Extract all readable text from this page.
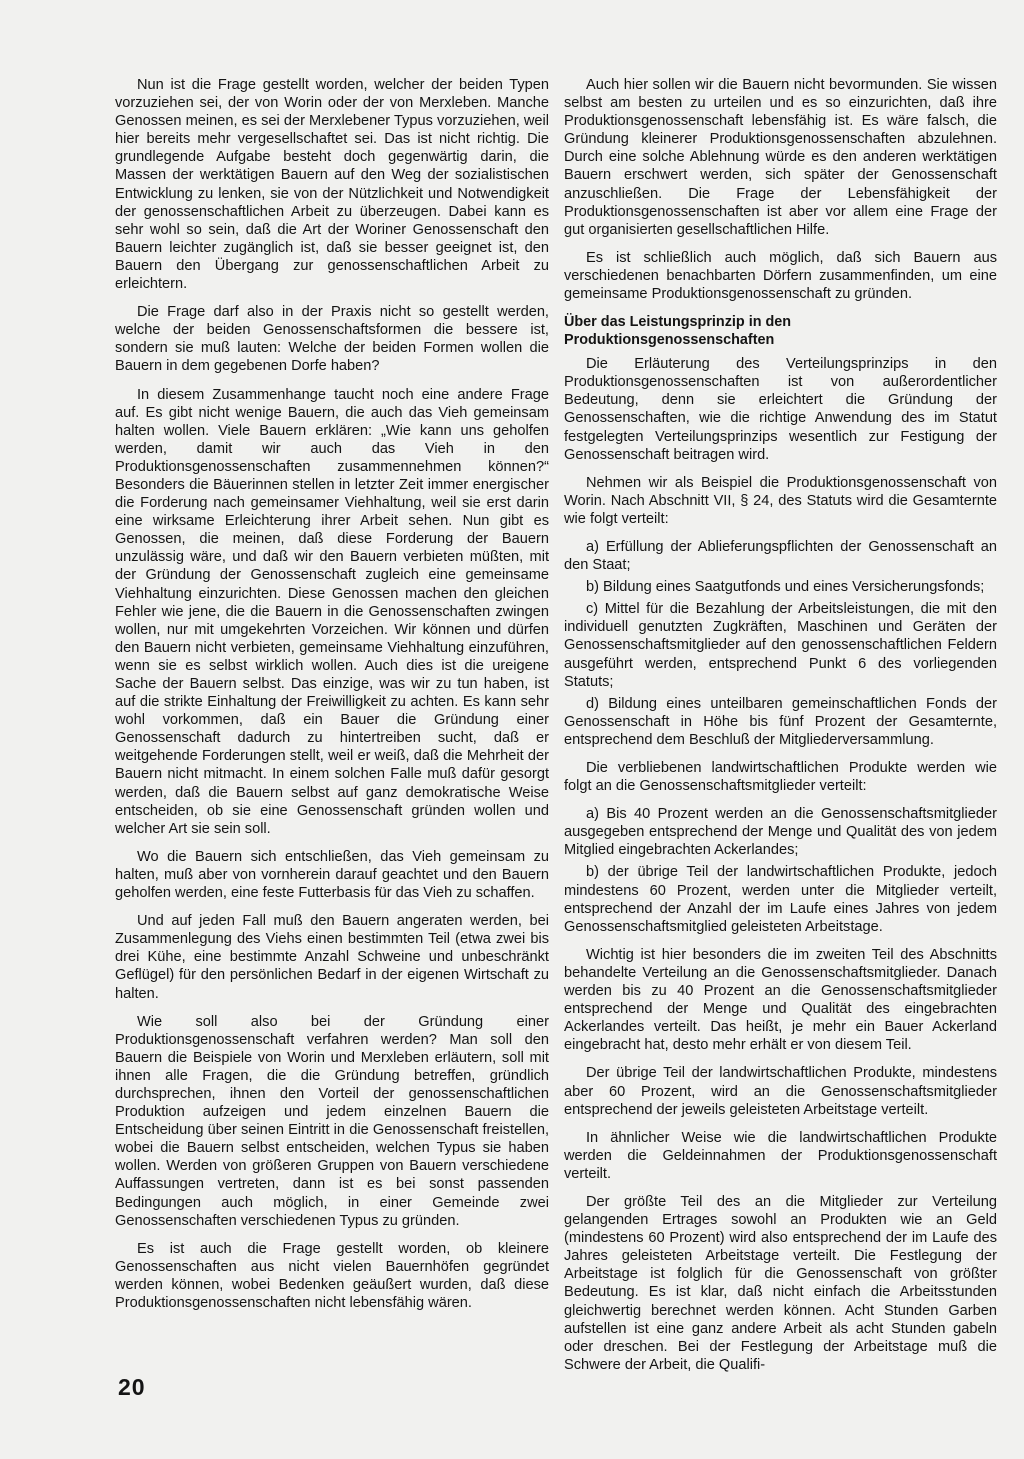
Nun ist die Frage gestellt worden, welcher der beiden Typen vorzuziehen sei, der von Worin oder der von Merxleben. Manche Genossen meinen, es sei der Merxlebener Typus vorzuziehen, weil hier bereits mehr vergesellschaftet sei. Das ist nicht richtig. Die grundlegende Aufgabe besteht doch gegenwärtig darin, die Massen der werktätigen Bauern auf den Weg der sozialistischen Entwicklung zu lenken, sie von der Nützlichkeit und Notwendigkeit der genossenschaftlichen Arbeit zu überzeugen. Dabei kann es sehr wohl so sein, daß die Art der Woriner Genossenschaft den Bauern leichter zugänglich ist, daß sie besser geeignet ist, den Bauern den Übergang zur genossenschaftlichen Arbeit zu erleichtern.

Die Frage darf also in der Praxis nicht so gestellt werden, welche der beiden Genossenschaftsformen die bessere ist, sondern sie muß lauten: Welche der beiden Formen wollen die Bauern in dem gegebenen Dorfe haben?

In diesem Zusammenhange taucht noch eine andere Frage auf. Es gibt nicht wenige Bauern, die auch das Vieh gemeinsam halten wollen. Viele Bauern erklären: „Wie kann uns geholfen werden, damit wir auch das Vieh in den Produktionsgenossenschaften zusammennehmen können?“ Besonders die Bäuerinnen stellen in letzter Zeit immer energischer die Forderung nach gemeinsamer Viehhaltung, weil sie erst darin eine wirksame Erleichterung ihrer Arbeit sehen. Nun gibt es Genossen, die meinen, daß diese Forderung der Bauern unzulässig wäre, und daß wir den Bauern verbieten müßten, mit der Gründung der Genossenschaft zugleich eine gemeinsame Viehhaltung einzurichten. Diese Genossen machen den gleichen Fehler wie jene, die die Bauern in die Genossenschaften zwingen wollen, nur mit umgekehrten Vorzeichen. Wir können und dürfen den Bauern nicht verbieten, gemeinsame Viehhaltung einzuführen, wenn sie es selbst wirklich wollen. Auch dies ist die ureigene Sache der Bauern selbst. Das einzige, was wir zu tun haben, ist auf die strikte Einhaltung der Freiwilligkeit zu achten. Es kann sehr wohl vorkommen, daß ein Bauer die Gründung einer Genossenschaft dadurch zu hintertreiben sucht, daß er weitgehende Forderungen stellt, weil er weiß, daß die Mehrheit der Bauern nicht mitmacht. In einem solchen Falle muß dafür gesorgt werden, daß die Bauern selbst auf ganz demokratische Weise entscheiden, ob sie eine Genossenschaft gründen wollen und welcher Art sie sein soll.

Wo die Bauern sich entschließen, das Vieh gemeinsam zu halten, muß aber von vornherein darauf geachtet und den Bauern geholfen werden, eine feste Futterbasis für das Vieh zu schaffen.

Und auf jeden Fall muß den Bauern angeraten werden, bei Zusammenlegung des Viehs einen bestimmten Teil (etwa zwei bis drei Kühe, eine bestimmte Anzahl Schweine und unbeschränkt Geflügel) für den persönlichen Bedarf in der eigenen Wirtschaft zu halten.

Wie soll also bei der Gründung einer Produktionsgenossenschaft verfahren werden? Man soll den Bauern die Beispiele von Worin und Merxleben erläutern, soll mit ihnen alle Fragen, die die Gründung betreffen, gründlich durchsprechen, ihnen den Vorteil der genossenschaftlichen Produktion aufzeigen und jedem einzelnen Bauern die Entscheidung über seinen Eintritt in die Genossenschaft freistellen, wobei die Bauern selbst entscheiden, welchen Typus sie haben wollen. Werden von größeren Gruppen von Bauern verschiedene Auffassungen vertreten, dann ist es bei sonst passenden Bedingungen auch möglich, in einer Gemeinde zwei Genossenschaften verschiedenen Typus zu gründen.

Es ist auch die Frage gestellt worden, ob kleinere Genossenschaften aus nicht vielen Bauernhöfen gegründet werden können, wobei Bedenken geäußert wurden, daß diese Produktionsgenossenschaften nicht lebensfähig wären.

Auch hier sollen wir die Bauern nicht bevormunden. Sie wissen selbst am besten zu urteilen und es so einzurichten, daß ihre Produktionsgenossenschaft lebensfähig ist. Es wäre falsch, die Gründung kleinerer Produktionsgenossenschaften abzulehnen. Durch eine solche Ablehnung würde es den anderen werktätigen Bauern erschwert werden, sich später der Genossenschaft anzuschließen. Die Frage der Lebensfähigkeit der Produktionsgenossenschaften ist aber vor allem eine Frage der gut organisierten gesellschaftlichen Hilfe.

Es ist schließlich auch möglich, daß sich Bauern aus verschiedenen benachbarten Dörfern zusammenfinden, um eine gemeinsame Produktionsgenossenschaft zu gründen.

Über das Leistungsprinzip in den Produktionsgenossenschaften

Die Erläuterung des Verteilungsprinzips in den Produktionsgenossenschaften ist von außerordentlicher Bedeutung, denn sie erleichtert die Gründung der Genossenschaften, wie die richtige Anwendung des im Statut festgelegten Verteilungsprinzips wesentlich zur Festigung der Genossenschaft beitragen wird.

Nehmen wir als Beispiel die Produktionsgenossenschaft von Worin. Nach Abschnitt VII, § 24, des Statuts wird die Gesamternte wie folgt verteilt:

a) Erfüllung der Ablieferungspflichten der Genossenschaft an den Staat;

b) Bildung eines Saatgutfonds und eines Versicherungsfonds;

c) Mittel für die Bezahlung der Arbeitsleistungen, die mit den individuell genutzten Zugkräften, Maschinen und Geräten der Genossenschaftsmitglieder auf den genossenschaftlichen Feldern ausgeführt werden, entsprechend Punkt 6 des vorliegenden Statuts;

d) Bildung eines unteilbaren gemeinschaftlichen Fonds der Genossenschaft in Höhe bis fünf Prozent der Gesamternte, entsprechend dem Beschluß der Mitgliederversammlung.

Die verbliebenen landwirtschaftlichen Produkte werden wie folgt an die Genossenschaftsmitglieder verteilt:

a) Bis 40 Prozent werden an die Genossenschaftsmitglieder ausgegeben entsprechend der Menge und Qualität des von jedem Mitglied eingebrachten Ackerlandes;

b) der übrige Teil der landwirtschaftlichen Produkte, jedoch mindestens 60 Prozent, werden unter die Mitglieder verteilt, entsprechend der Anzahl der im Laufe eines Jahres von jedem Genossenschaftsmitglied geleisteten Arbeitstage.

Wichtig ist hier besonders die im zweiten Teil des Abschnitts behandelte Verteilung an die Genossenschaftsmitglieder. Danach werden bis zu 40 Prozent an die Genossenschaftsmitglieder entsprechend der Menge und Qualität des eingebrachten Ackerlandes verteilt. Das heißt, je mehr ein Bauer Ackerland eingebracht hat, desto mehr erhält er von diesem Teil.

Der übrige Teil der landwirtschaftlichen Produkte, mindestens aber 60 Prozent, wird an die Genossenschaftsmitglieder entsprechend der jeweils geleisteten Arbeitstage verteilt.

In ähnlicher Weise wie die landwirtschaftlichen Produkte werden die Geldeinnahmen der Produktionsgenossenschaft verteilt.

Der größte Teil des an die Mitglieder zur Verteilung gelangenden Ertrages sowohl an Produkten wie an Geld (mindestens 60 Prozent) wird also entsprechend der im Laufe des Jahres geleisteten Arbeitstage verteilt. Die Festlegung der Arbeitstage ist folglich für die Genossenschaft von größter Bedeutung. Es ist klar, daß nicht einfach die Arbeitsstunden gleichwertig berechnet werden können. Acht Stunden Garben aufstellen ist eine ganz andere Arbeit als acht Stunden gabeln oder dreschen. Bei der Festlegung der Arbeitstage muß die Schwere der Arbeit, die Qualifi-

20
